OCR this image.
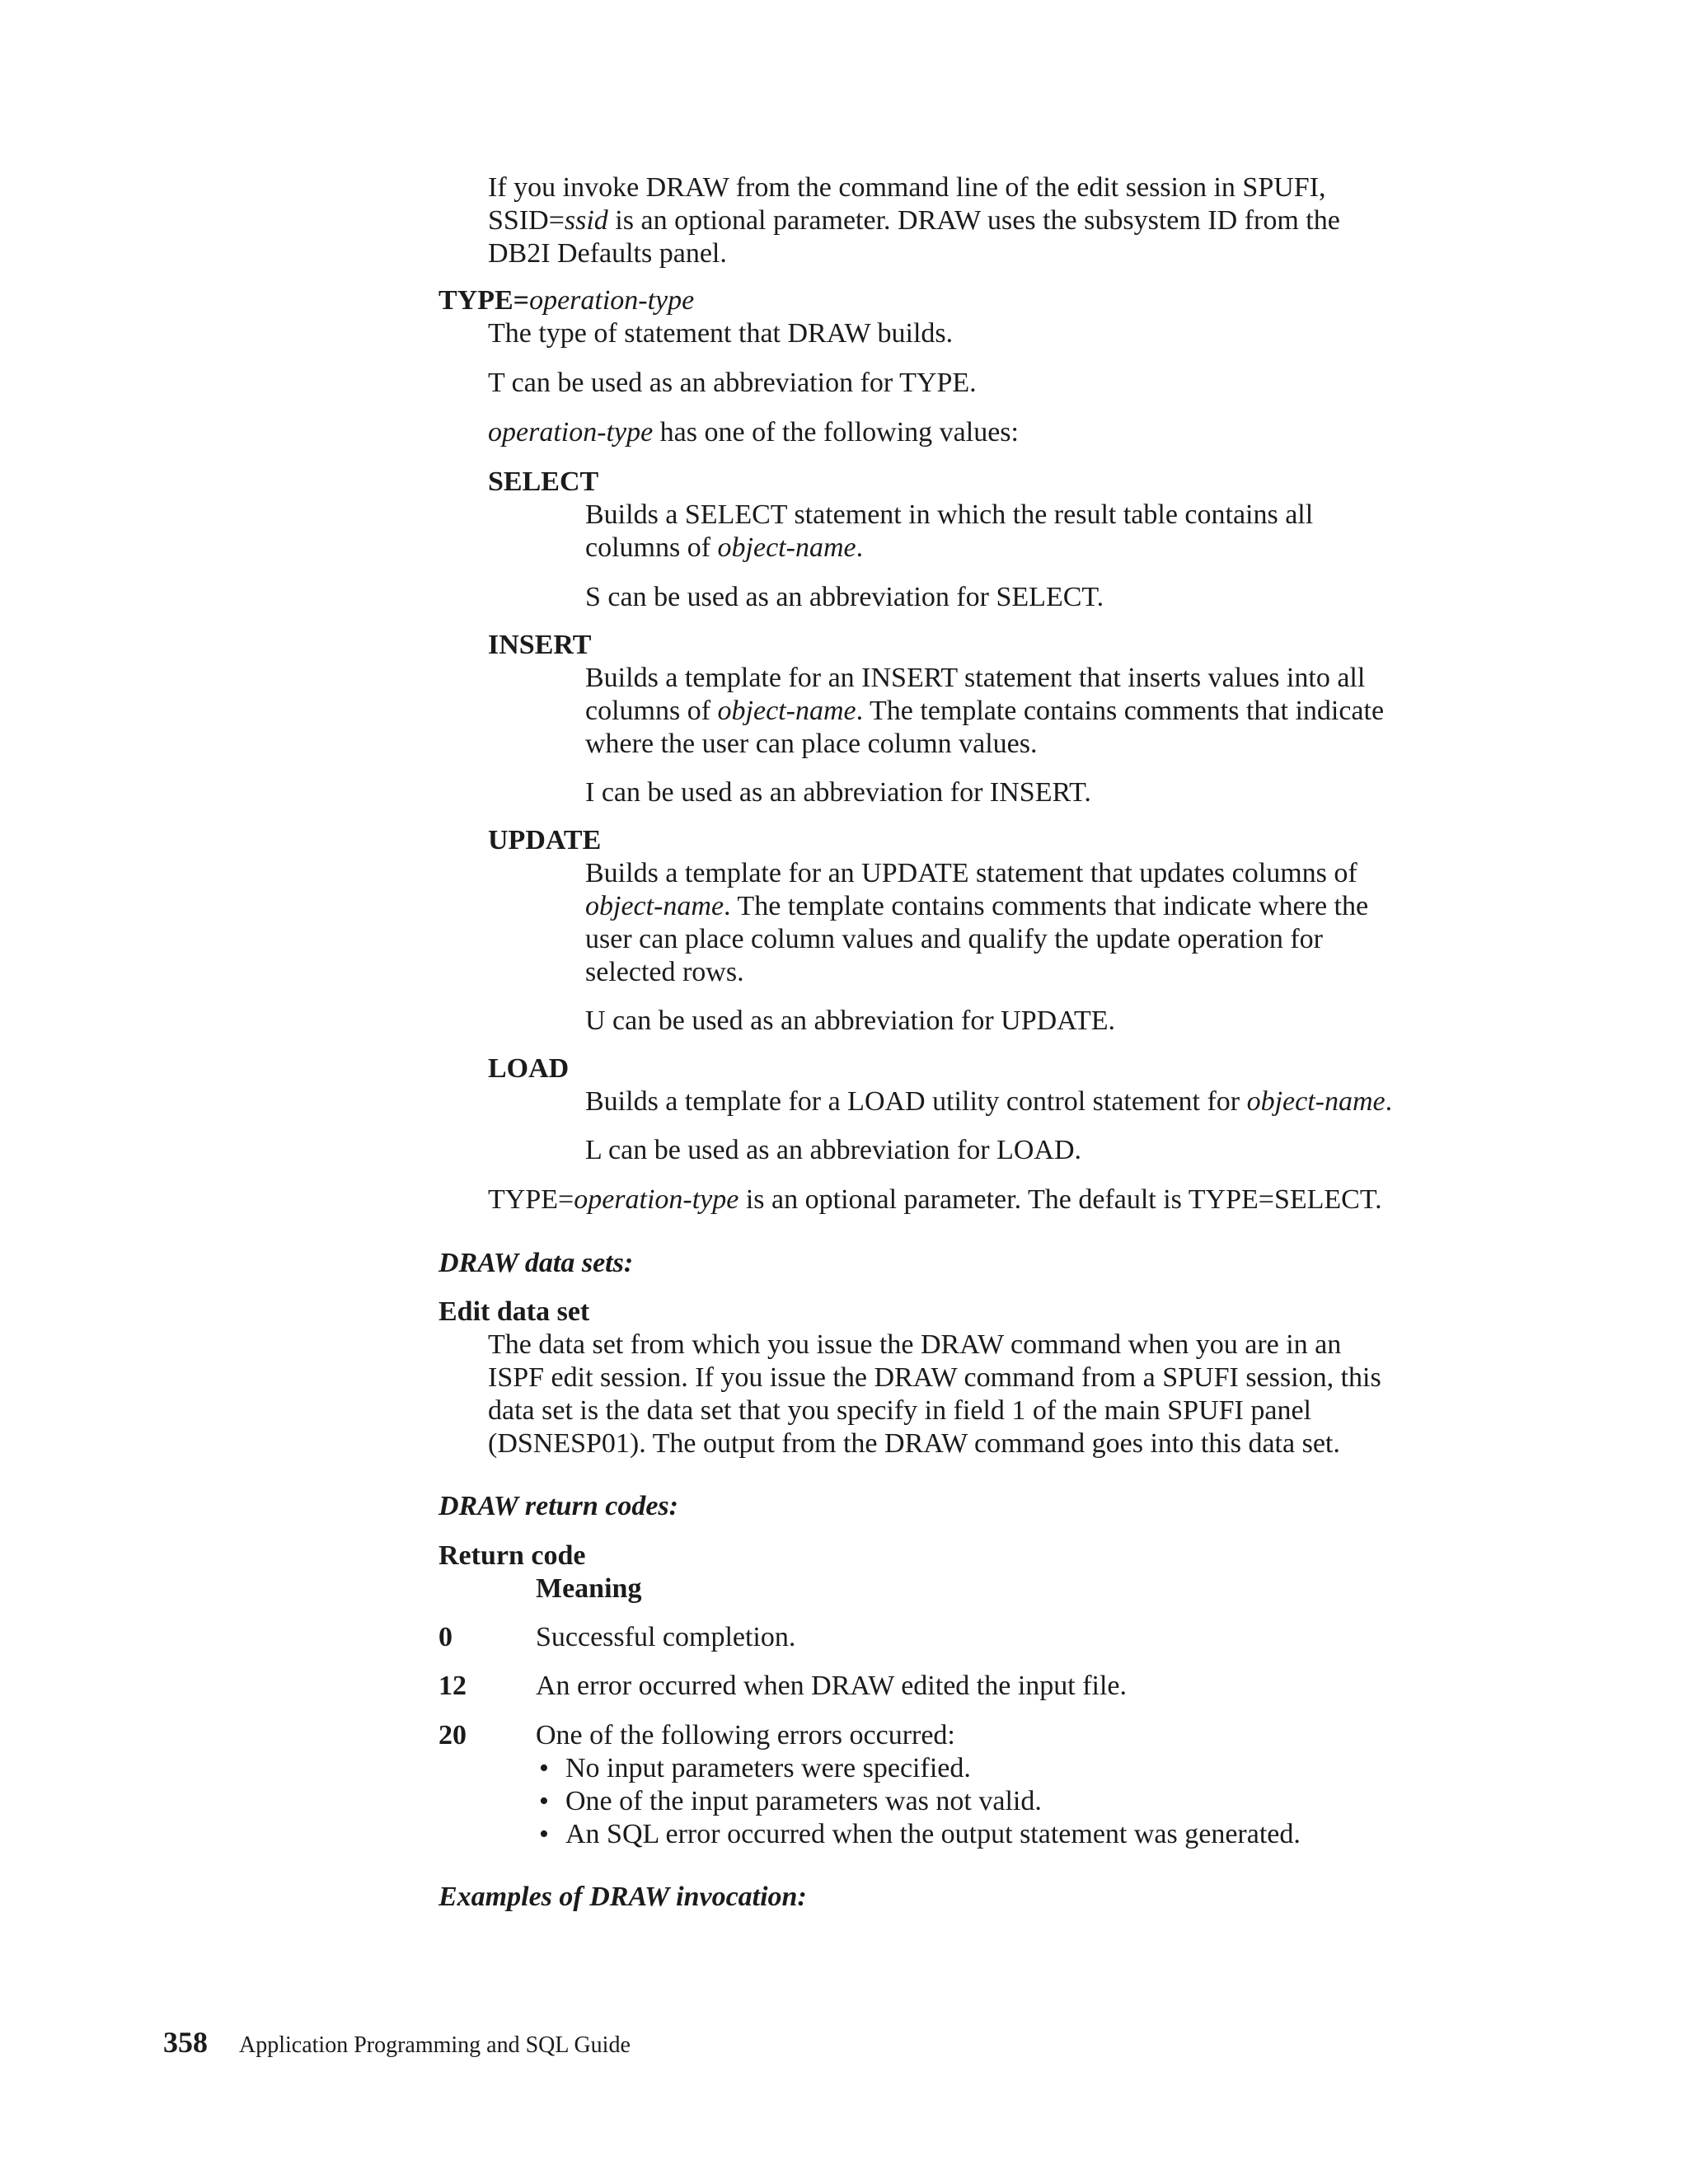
If you invoke DRAW from the command line of the edit session in SPUFI,
SSID=ssid is an optional parameter. DRAW uses the subsystem ID from the
DB2I Defaults panel.

TYPE=operation-type

The type of statement that DRAW builds.

T can be used as an abbreviation for TYPE.

operation-type has one of the following values:

SELECT

Builds a SELECT statement in which the result table contains all
columns of object-name.

S can be used as an abbreviation for SELECT.

INSERT

Builds a template for an INSERT statement that inserts values into all
columns of object-name. The template contains comments that indicate
where the user can place column values.

I can be used as an abbreviation for INSERT.

UPDATE

Builds a template for an UPDATE statement that updates columns of
object-name. The template contains comments that indicate where the
user can place column values and qualify the update operation for
selected rows.

U can be used as an abbreviation for UPDATE.

LOAD

Builds a template for a LOAD utility control statement for object-name.

L can be used as an abbreviation for LOAD.

TYPE=operation-type is an optional parameter. The default is TYPE=SELECT.

DRAW data sets:

Edit data set

The data set from which you issue the DRAW command when you are in an
ISPF edit session. If you issue the DRAW command from a SPUFI session, this
data set is the data set that you specify in field 1 of the main SPUFI panel
(DSNESP01). The output from the DRAW command goes into this data set.

DRAW return codes:

Return code

Meaning

0	Successful completion.
12 An error occurred when DRAW edited the input file.
20 One of the following errors occurred:
• No input parameters were specified.
• One of the input parameters was not valid.
• An SQL error occurred when the output statement was generated.

Examples of DRAW invocation:

358 Application Programming and SQL Guide
